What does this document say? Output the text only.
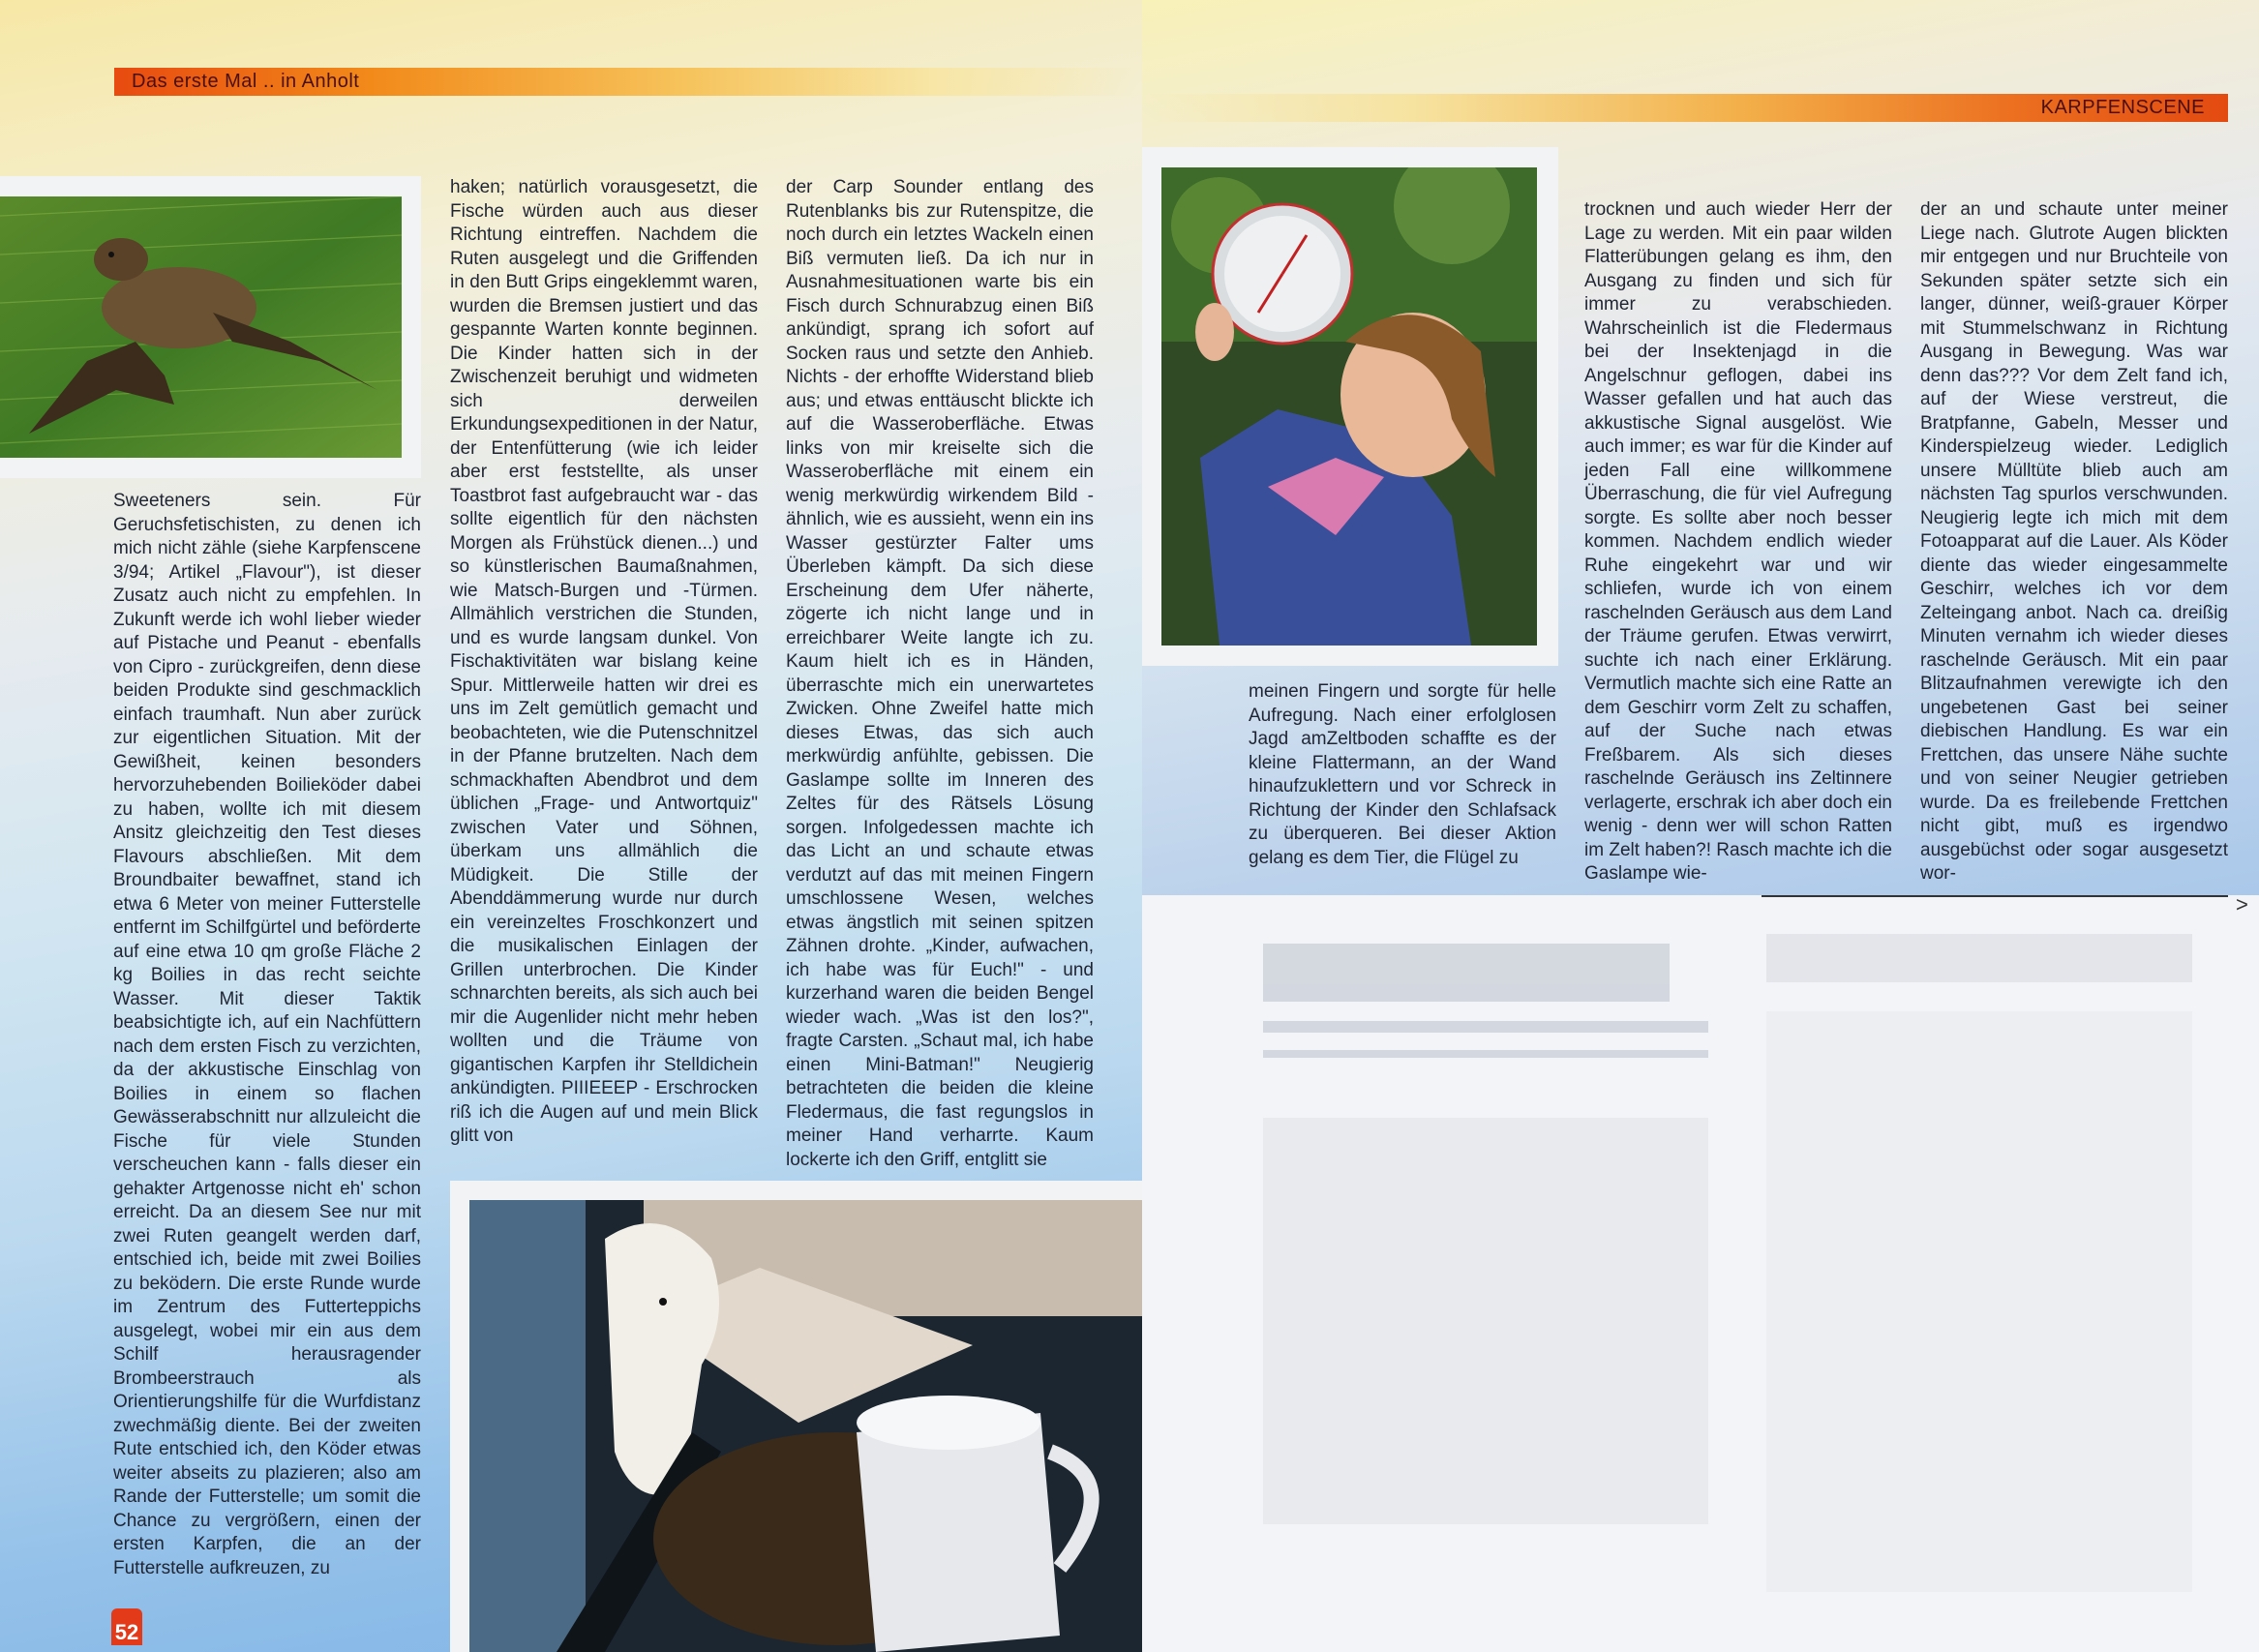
Das erste Mal .. in Anholt
KARPFENSCENE

Sweeteners sein. Für Geruchsfetischisten, zu denen ich mich nicht zähle (siehe Karpfenscene 3/94; Artikel „Flavour"), ist dieser Zusatz auch nicht zu empfehlen. In Zukunft werde ich wohl lieber wieder auf Pistache und Peanut - ebenfalls von Cipro - zurückgreifen, denn diese beiden Produkte sind geschmacklich einfach traumhaft. Nun aber zurück zur eigentlichen Situation. Mit der Gewißheit, keinen besonders hervorzuhebenden Boilieköder dabei zu haben, wollte ich mit diesem Ansitz gleichzeitig den Test dieses Flavours abschließen. Mit dem Broundbaiter bewaffnet, stand ich etwa 6 Meter von meiner Futterstelle entfernt im Schilfgürtel und beförderte auf eine etwa 10 qm große Fläche 2 kg Boilies in das recht seichte Wasser. Mit dieser Taktik beabsichtigte ich, auf ein Nachfüttern nach dem ersten Fisch zu verzichten, da der akkustische Einschlag von Boilies in einem so flachen Gewässerabschnitt nur allzuleicht die Fische für viele Stunden verscheuchen kann - falls dieser ein gehakter Artgenosse nicht eh' schon erreicht. Da an diesem See nur mit zwei Ruten geangelt werden darf, entschied ich, beide mit zwei Boilies zu beködern. Die erste Runde wurde im Zentrum des Futterteppichs ausgelegt, wobei mir ein aus dem Schilf herausragender Brombeerstrauch als Orientierungshilfe für die Wurfdistanz zwechmäßig diente. Bei der zweiten Rute entschied ich, den Köder etwas weiter abseits zu plazieren; also am Rande der Futterstelle; um somit die Chance zu vergrößern, einen der ersten Karpfen, die an der Futterstelle aufkreuzen, zu

haken; natürlich vorausgesetzt, die Fische würden auch aus dieser Richtung eintreffen. Nachdem die Ruten ausgelegt und die Griffenden in den Butt Grips eingeklemmt waren, wurden die Bremsen justiert und das gespannte Warten konnte beginnen. Die Kinder hatten sich in der Zwischenzeit beruhigt und widmeten sich derweilen Erkundungsexpeditionen in der Natur, der Entenfütterung (wie ich leider aber erst feststellte, als unser Toastbrot fast aufgebraucht war - das sollte eigentlich für den nächsten Morgen als Frühstück dienen...) und so künstlerischen Baumaßnahmen, wie Matsch-Burgen und -Türmen. Allmählich verstrichen die Stunden, und es wurde langsam dunkel. Von Fischaktivitäten war bislang keine Spur. Mittlerweile hatten wir drei es uns im Zelt gemütlich gemacht und beobachteten, wie die Putenschnitzel in der Pfanne brutzelten. Nach dem schmackhaften Abendbrot und dem üblichen „Frage- und Antwortquiz" zwischen Vater und Söhnen, überkam uns allmählich die Müdigkeit. Die Stille der Abenddämmerung wurde nur durch ein vereinzeltes Froschkonzert und die musikalischen Einlagen der Grillen unterbrochen. Die Kinder schnarchten bereits, als sich auch bei mir die Augenlider nicht mehr heben wollten und die Träume von gigantischen Karpfen ihr Stelldichein ankündigten. PIIIEEEP - Erschrocken riß ich die Augen auf und mein Blick glitt von

der Carp Sounder entlang des Rutenblanks bis zur Rutenspitze, die noch durch ein letztes Wackeln einen Biß vermuten ließ. Da ich nur in Ausnahmesituationen warte bis ein Fisch durch Schnurabzug einen Biß ankündigt, sprang ich sofort auf Socken raus und setzte den Anhieb. Nichts - der erhoffte Widerstand blieb aus; und etwas enttäuscht blickte ich auf die Wasseroberfläche. Etwas links von mir kreiselte sich die Wasseroberfläche mit einem ein wenig merkwürdig wirkendem Bild - ähnlich, wie es aussieht, wenn ein ins Wasser gestürzter Falter ums Überleben kämpft. Da sich diese Erscheinung dem Ufer näherte, zögerte ich nicht lange und in erreichbarer Weite langte ich zu. Kaum hielt ich es in Händen, überraschte mich ein unerwartetes Zwicken. Ohne Zweifel hatte mich dieses Etwas, das sich auch merkwürdig anfühlte, gebissen. Die Gaslampe sollte im Inneren des Zeltes für des Rätsels Lösung sorgen. Infolgedessen machte ich das Licht an und schaute etwas verdutzt auf das mit meinen Fingern umschlossene Wesen, welches etwas ängstlich mit seinen spitzen Zähnen drohte. „Kinder, aufwachen, ich habe was für Euch!" - und kurzerhand waren die beiden Bengel wieder wach. „Was ist den los?", fragte Carsten. „Schaut mal, ich habe einen Mini-Batman!" Neugierig betrachteten die beiden die kleine Fledermaus, die fast regungslos in meiner Hand verharrte. Kaum lockerte ich den Griff, entglitt sie

meinen Fingern und sorgte für helle Aufregung. Nach einer erfolglosen Jagd amZeltboden schaffte es der kleine Flattermann, an der Wand hinaufzuklettern und vor Schreck in Richtung der Kinder den Schlafsack zu überqueren. Bei dieser Aktion gelang es dem Tier, die Flügel zu

trocknen und auch wieder Herr der Lage zu werden. Mit ein paar wilden Flatterübungen gelang es ihm, den Ausgang zu finden und sich für immer zu verabschieden. Wahrscheinlich ist die Fledermaus bei der Insektenjagd in die Angelschnur geflogen, dabei ins Wasser gefallen und hat auch das akkustische Signal ausgelöst. Wie auch immer; es war für die Kinder auf jeden Fall eine willkommene Überraschung, die für viel Aufregung sorgte. Es sollte aber noch besser kommen. Nachdem endlich wieder Ruhe eingekehrt war und wir schliefen, wurde ich von einem raschelnden Geräusch aus dem Land der Träume gerufen. Etwas verwirrt, suchte ich nach einer Erklärung. Vermutlich machte sich eine Ratte an dem Geschirr vorm Zelt zu schaffen, auf der Suche nach etwas Freßbarem. Als sich dieses raschelnde Geräusch ins Zeltinnere verlagerte, erschrak ich aber doch ein wenig - denn wer will schon Ratten im Zelt haben?! Rasch machte ich die Gaslampe wie-

der an und schaute unter meiner Liege nach. Glutrote Augen blickten mir entgegen und nur Bruchteile von Sekunden später setzte sich ein langer, dünner, weiß-grauer Körper mit Stummelschwanz in Richtung Ausgang in Bewegung. Was war denn das??? Vor dem Zelt fand ich, auf der Wiese verstreut, die Bratpfanne, Gabeln, Messer und Kinderspielzeug wieder. Lediglich unsere Mülltüte blieb auch am nächsten Tag spurlos verschwunden. Neugierig legte ich mich mit dem Fotoapparat auf die Lauer. Als Köder diente das wieder eingesammelte Geschirr, welches ich vor dem Zelteingang anbot. Nach ca. dreißig Minuten vernahm ich wieder dieses raschelnde Geräusch. Mit ein paar Blitzaufnahmen verewigte ich den ungebetenen Gast bei seiner diebischen Handlung. Es war ein Frettchen, das unsere Nähe suchte und von seiner Neugier getrieben wurde. Da es freilebende Frettchen nicht gibt, muß es irgendwo ausgebüchst oder sogar ausgesetzt wor-

>
52
